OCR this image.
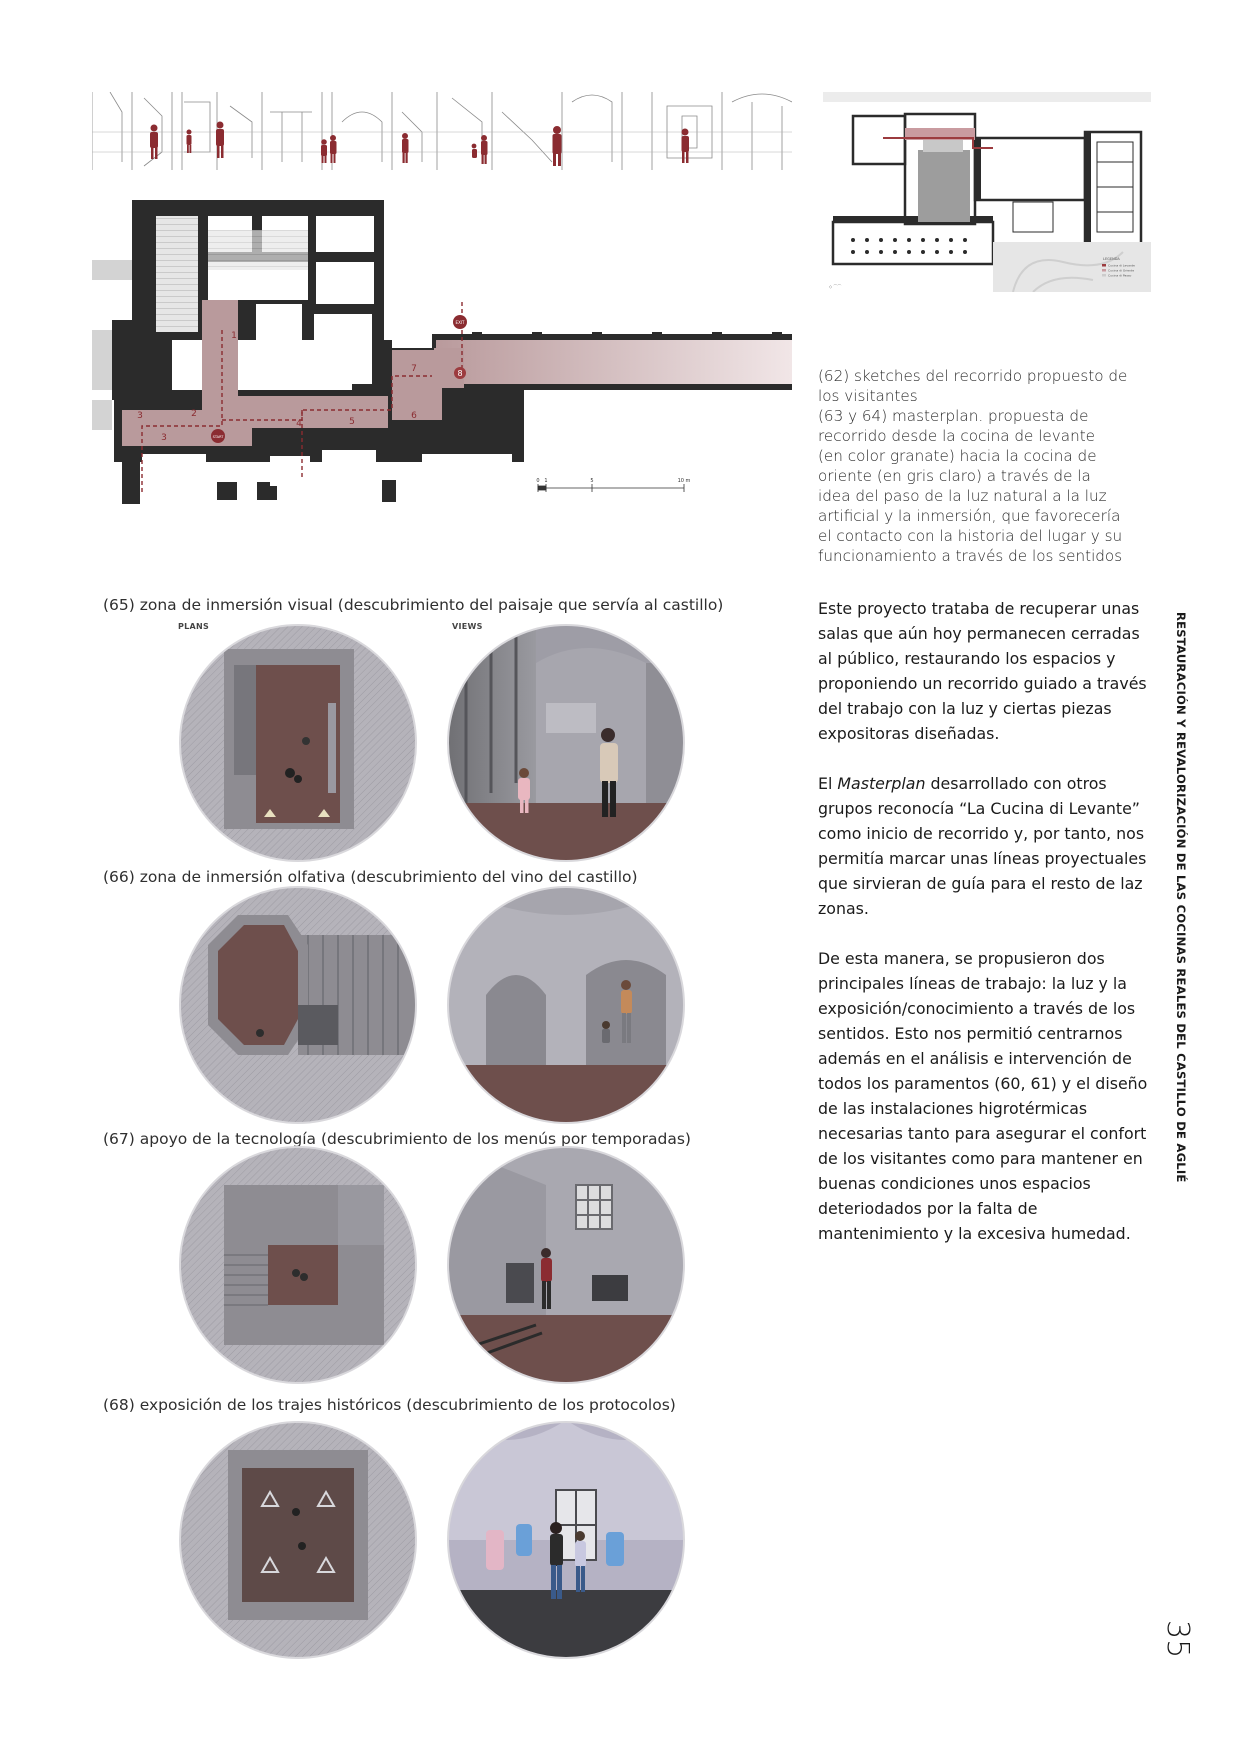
LEGENDA
Cucina di Levante
Cucina di Oriente
Cucina di Passo
◇ ⌒⌒
1
2
3
3
4	5
6
7	8
START
EXIT
0 1	5	10 m
(62) sketches del recorrido propuesto de
los visitantes
(63 y 64) masterplan. propuesta de
recorrido desde la cocina de levante
(en color granate) hacia la cocina de
oriente (en gris claro) a través de la
idea del paso de la luz natural a la luz
artificial y la inmersión, que favorecería
el contacto con la historia del lugar y su
funcionamiento a través de los sentidos
(65) zona de inmersión visual (descubrimiento del paisaje que servía al castillo)
PLANS	VIEWS
(66) zona de inmersión olfativa (descubrimiento del vino del castillo)
(67) apoyo de la tecnología (descubrimiento de los menús por temporadas)
(68) exposición de los trajes históricos (descubrimiento de los protocolos)

Este proyecto trataba de recuperar unas salas que aún hoy permanecen cerradas al público, restaurando los espacios y proponiendo un recorrido guiado a través del trabajo con la luz y ciertas piezas expositoras diseñadas.

El Masterplan desarrollado con otros grupos reconocía “La Cucina di Levante” como inicio de recorrido y, por tanto, nos permitía marcar unas líneas proyectuales que sirvieran de guía para el resto de laz zonas.

De esta manera, se propusieron dos principales líneas de trabajo: la luz y la exposición/conocimiento a través de los sentidos. Esto nos permitió centrarnos además en el análisis e intervención de todos los paramentos (60, 61) y el diseño de las instalaciones higrotérmicas necesarias tanto para asegurar el confort de los visitantes como para mantener en buenas condiciones unos espacios deteriodados por la falta de mantenimiento y la excesiva humedad.

RESTAURACIÓN Y REVALORIZACIÓN DE LAS COCINAS REALES DEL CASTILLO DE AGLIÉ
35
